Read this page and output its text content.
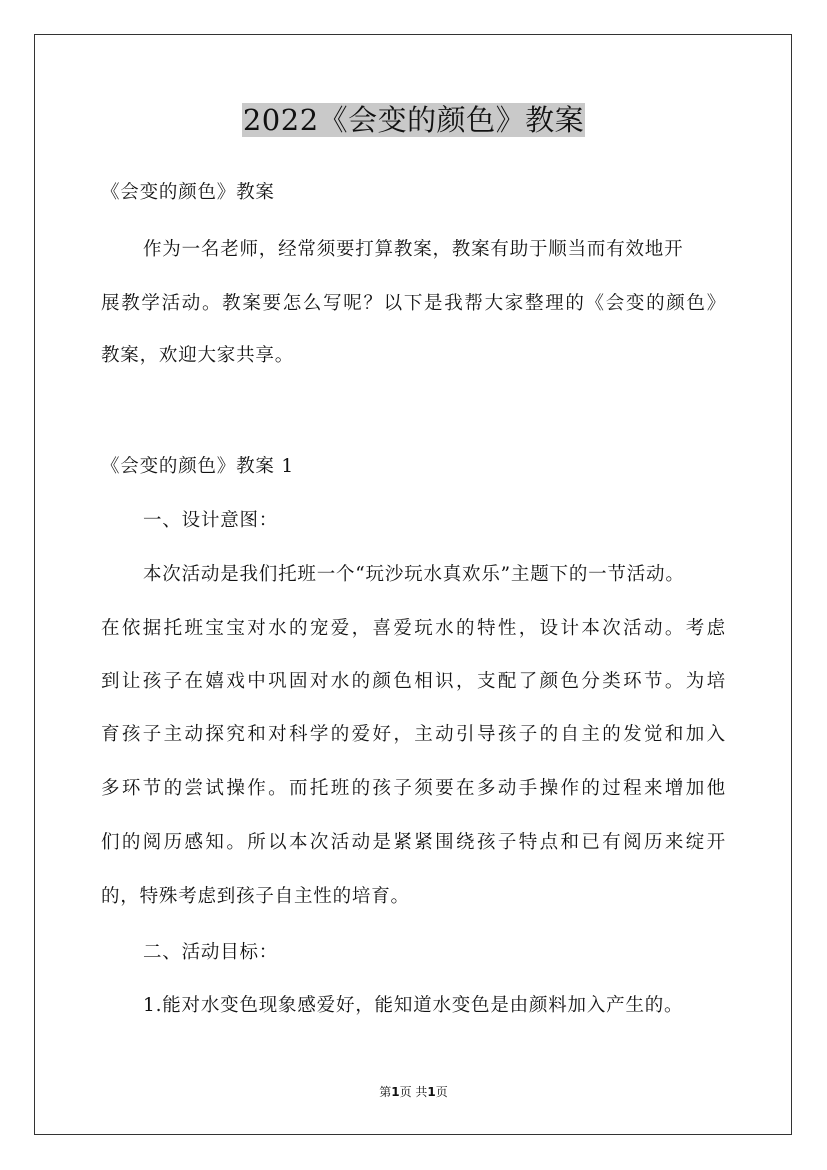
2022《会变的颜色》教案
《会变的颜色》教案
作为一名老师，经常须要打算教案，教案有助于顺当而有效地开
展教学活动。教案要怎么写呢？以下是我帮大家整理的《会变的颜色》
教案，欢迎大家共享。
《会变的颜色》教案 1
一、设计意图：
本次活动是我们托班一个“玩沙玩水真欢乐”主题下的一节活动。
在依据托班宝宝对水的宠爱，喜爱玩水的特性，设计本次活动。考虑
到让孩子在嬉戏中巩固对水的颜色相识，支配了颜色分类环节。为培
育孩子主动探究和对科学的爱好，主动引导孩子的自主的发觉和加入
多环节的尝试操作。而托班的孩子须要在多动手操作的过程来增加他
们的阅历感知。所以本次活动是紧紧围绕孩子特点和已有阅历来绽开
的，特殊考虑到孩子自主性的培育。
二、活动目标：
1.能对水变色现象感爱好，能知道水变色是由颜料加入产生的。
第1页 共1页
